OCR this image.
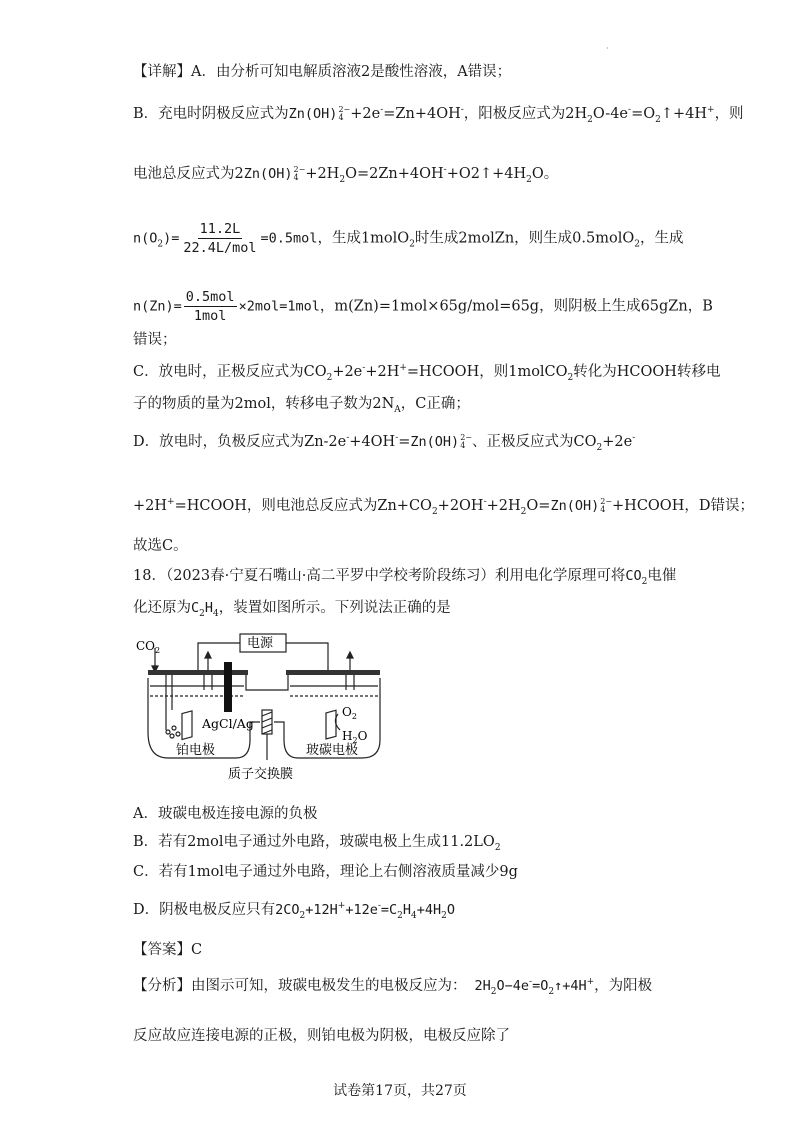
·
【详解】A．由分析可知电解质溶液2是酸性溶液，A错误；
B．充电时阴极反应式为Zn(OH) 2−
4 +2e-=Zn+4OH-，阳极反应式为$2H_2O-4e^-=O_2↑+4H^+$，则
电池总反应式为2Zn(OH) 2−
$4 +2H_2O=2Zn+4OH^-+O2↑+4H_2O$。
$n(O_2)= \frac{11.2L}{\text{22.4L/mol}} =0.5mol$，生成1molO$_2$时生成2molZn，则生成0.5molO$_2$，生成
$n(Zn)= \frac{\text{0.5mol}}{\text{1mol}} \times 2mol=1mol$，m(Zn)=1mol×65g/mol=65g，则阴极上生成65gZn，B
错误；
C．放电时，正极反应式为$CO_2+2e^-+2H^+=HCOOH$，则1molCO$_2$转化为HCOOH转移电
子的物质的量为2mol，转移电子数为$2N_A$，C正确；
D．放电时，负极反应式为Zn-2e-+4OH-=Zn(OH) 2−
4 、正极反应式为$CO_2+2e^-$
+2H+=HCOOH，则电池总反应式为$Zn+CO_2+2OH^-+2H_2O=Zn(OH)$ 2−
4 +HCOOH，D错误；
故选C。
18．（2023春·宁夏石嘴山·高二平罗中学校考阶段练习）利用电化学原理可将$CO_2$电催
化还原为$C_2H_4$，装置如图所示。下列说法正确的是
$CO_2$	电源
AgCl/Ag
铂电极	玻碳电极
$O_2$
$H_2O$
质子交换膜
A．玻碳电极连接电源的负极
B．若有2mol电子通过外电路，玻碳电极上生成$11.2LO_2$
C．若有1mol电子通过外电路，理论上右侧溶液质量减少9g
D．阴极电极反应只有$2CO_2+12H^++12e^-=C_2H_4+4H_2O$
【答案】C
【分析】由图示可知，玻碳电极发生的电极反应为： $2H_2O-4e^-=O_2↑+4H^+$，为阳极
反应故应连接电源的正极，则铂电极为阴极，电极反应除了
试卷第17页，共27页
